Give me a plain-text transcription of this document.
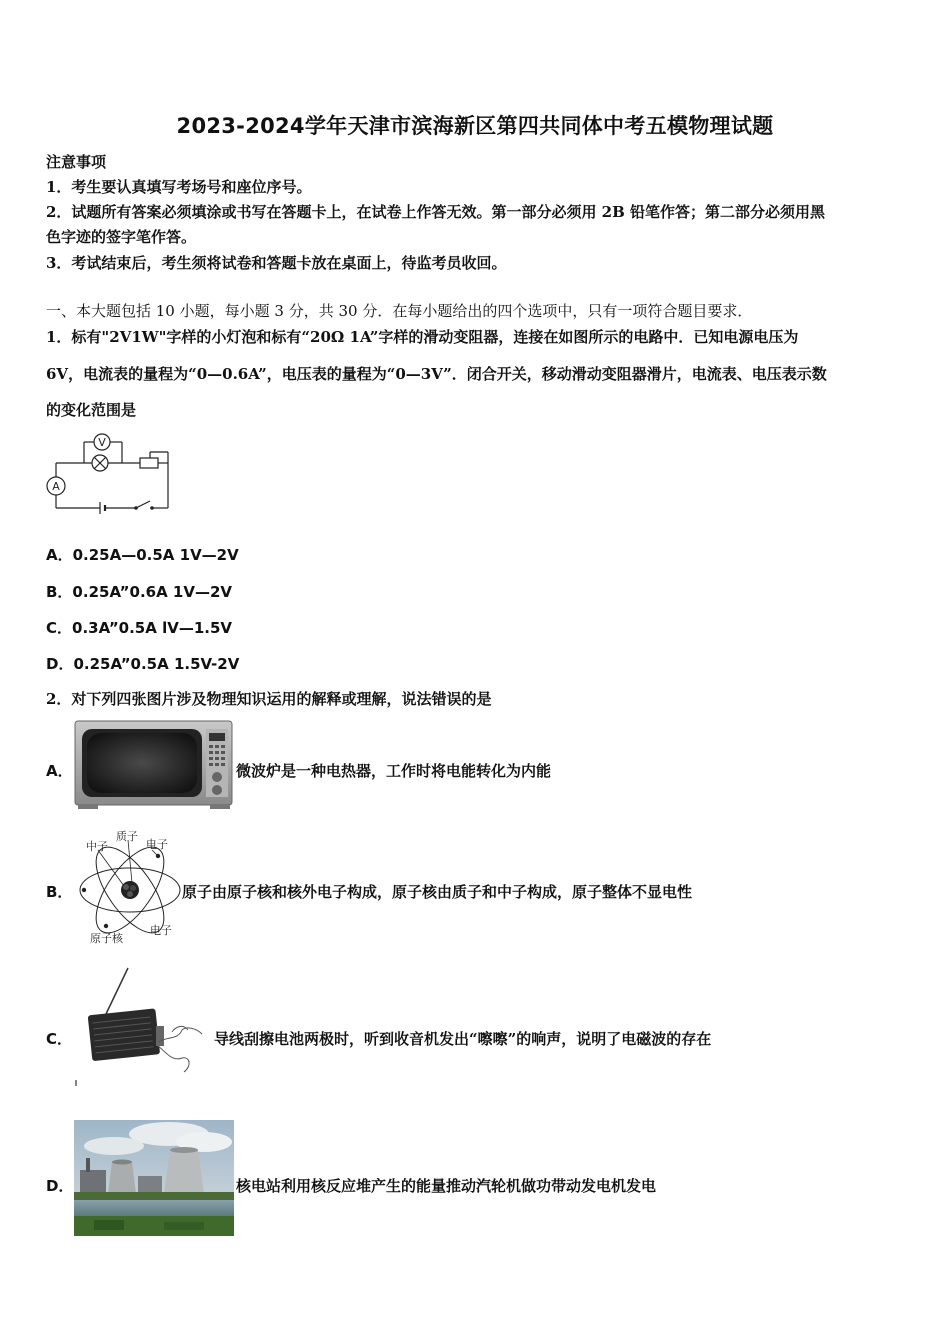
2023-2024学年天津市滨海新区第四共同体中考五模物理试题
注意事项
1．考生要认真填写考场号和座位序号。
2．试题所有答案必须填涂或书写在答题卡上，在试卷上作答无效。第一部分必须用 2B 铅笔作答；第二部分必须用黑
色字迹的签字笔作答。
3．考试结束后，考生须将试卷和答题卡放在桌面上，待监考员收回。
一、本大题包括 10 小题，每小题 3 分，共 30 分．在每小题给出的四个选项中，只有一项符合题目要求．
1．标有"2V1W"字样的小灯泡和标有“20Ω 1A”字样的滑动变阻器，连接在如图所示的电路中．已知电源电压为
6V，电流表的量程为“0—0.6A”，电压表的量程为“0—3V”．闭合开关，移动滑动变阻器滑片，电流表、电压表示数
的变化范围是
V
A
A．0.25A—0.5A 1V—2V
B．0.25A”0.6A 1V—2V
C．0.3A”0.5A lV—1.5V
D．0.25A”0.5A 1.5V-2V
2．对下列四张图片涉及物理知识运用的解释或理解，说法错误的是
A．	微波炉是一种电热器，工作时将电能转化为内能
B．
中子
质子
电子
电子
原子核
原子由原子核和核外电子构成，原子核由质子和中子构成，原子整体不显电性
C．	导线刮擦电池两极时，听到收音机发出“嚓嚓”的响声，说明了电磁波的存在
D．	核电站利用核反应堆产生的能量推动汽轮机做功带动发电机发电
